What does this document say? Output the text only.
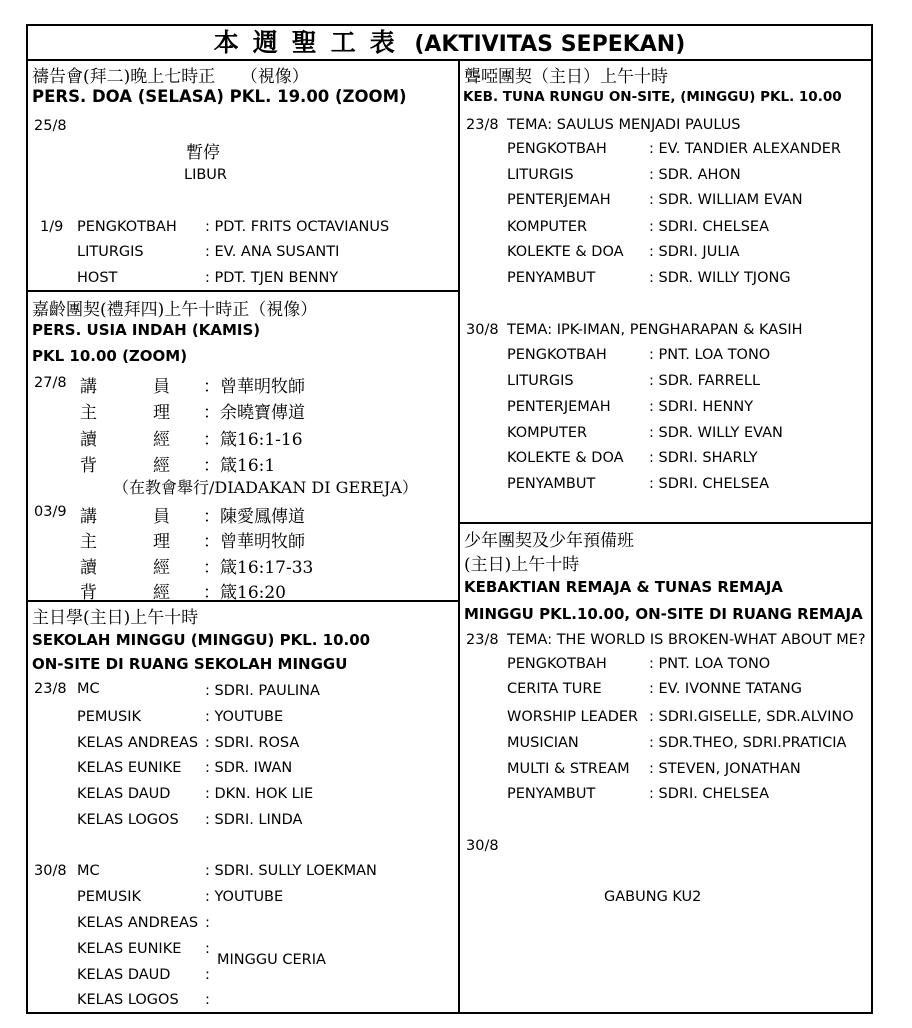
本週聖工表 (AKTIVITAS SEPEKAN)
禱告會(拜二)晚上七時正　　（視像）
PERS. DOA (SELASA) PKL. 19.00 (ZOOM)
25/8
暫停
LIBUR
1/9 PENGKOTBAH : PDT. FRITS OCTAVIANUS
LITURGIS	: EV. ANA SUSANTI
HOST	: PDT. TJEN BENNY
嘉齡團契(禮拜四)上午十時正（視像）
PERS. USIA INDAH (KAMIS)
PKL 10.00 (ZOOM)
27/8 講	員 ：曾華明牧師
主	理 ：余曉寶傳道
讀	經 ：箴16:1-16
背	經 ：箴16:1
（在教會舉行/DIADAKAN DI GEREJA）
03/9 講	員 ：陳愛鳳傳道
主	理 ：曾華明牧師
讀	經 ：箴16:17-33
背	經 ：箴16:20
主日學(主日)上午十時
SEKOLAH MINGGU (MINGGU) PKL. 10.00
ON-SITE DI RUANG SEKOLAH MINGGU
23/8 MC	: SDRI. PAULINA
PEMUSIK	: YOUTUBE
KELAS ANDREAS : SDRI. ROSA
KELAS EUNIKE : SDR. IWAN
KELAS DAUD : DKN. HOK LIE
KELAS LOGOS : SDRI. LINDA
30/8 MC	: SDRI. SULLY LOEKMAN
PEMUSIK	: YOUTUBE
KELAS ANDREAS :
KELAS EUNIKE :
KELAS DAUD :
KELAS LOGOS :
MINGGU CERIA
聾啞團契（主日）上午十時
KEB. TUNA RUNGU ON-SITE, (MINGGU) PKL. 10.00
23/8 TEMA: SAULUS MENJADI PAULUS
PENGKOTBAH	: EV. TANDIER ALEXANDER
LITURGIS	: SDR. AHON
PENTERJEMAH	: SDR. WILLIAM EVAN
KOMPUTER	: SDRI. CHELSEA
KOLEKTE & DOA : SDRI. JULIA
PENYAMBUT	: SDR. WILLY TJONG
30/8 TEMA: IPK-IMAN, PENGHARAPAN & KASIH
PENGKOTBAH	: PNT. LOA TONO
LITURGIS	: SDR. FARRELL
PENTERJEMAH	: SDRI. HENNY
KOMPUTER	: SDR. WILLY EVAN
KOLEKTE & DOA : SDRI. SHARLY
PENYAMBUT	: SDRI. CHELSEA
少年團契及少年預備班
(主日)上午十時
KEBAKTIAN REMAJA & TUNAS REMAJA
MINGGU PKL.10.00, ON-SITE DI RUANG REMAJA
23/8 TEMA: THE WORLD IS BROKEN-WHAT ABOUT ME?
PENGKOTBAH	: PNT. LOA TONO
CERITA TURE	: EV. IVONNE TATANG
WORSHIP LEADER : SDRI.GISELLE, SDR.ALVINO
MUSICIAN	: SDR.THEO, SDRI.PRATICIA
MULTI & STREAM : STEVEN, JONATHAN
PENYAMBUT	: SDRI. CHELSEA
30/8
GABUNG KU2
